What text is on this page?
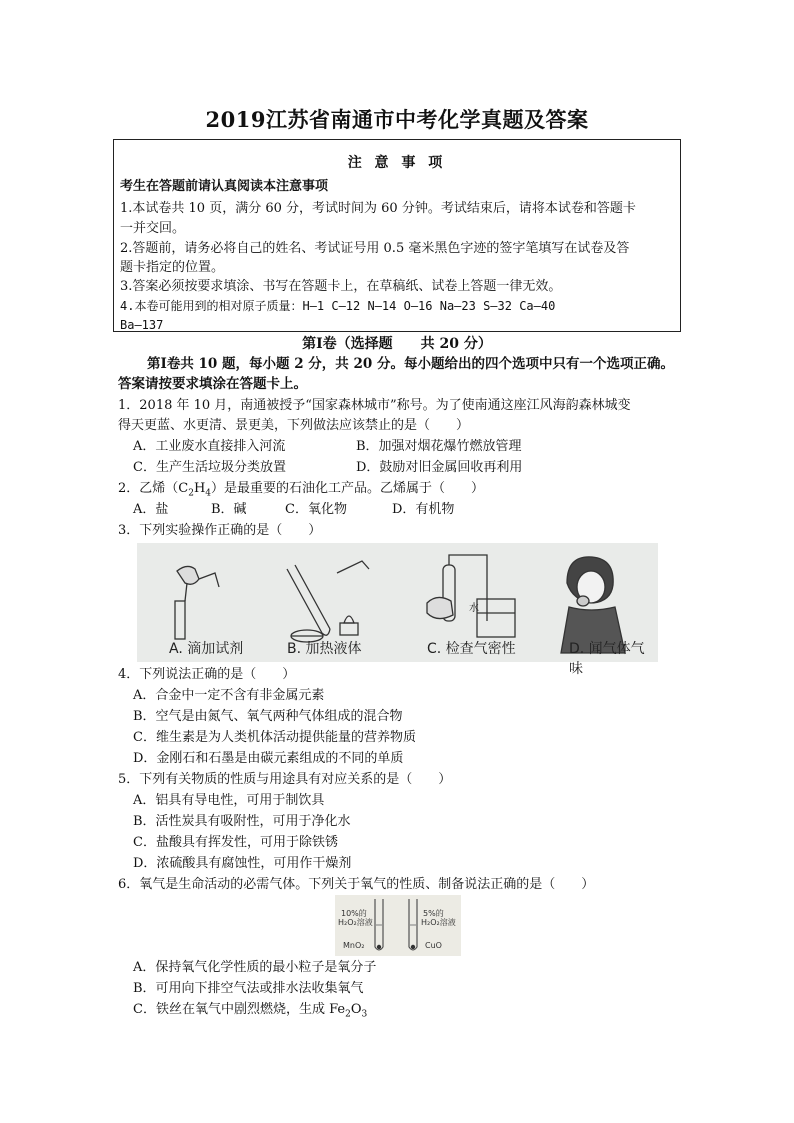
2019江苏省南通市中考化学真题及答案
注 意 事 项
考生在答题前请认真阅读本注意事项
1.本试卷共 10 页，满分 60 分，考试时间为 60 分钟。考试结束后，请将本试卷和答题卡
一并交回。
2.答题前，请务必将自己的姓名、考试证号用 0.5 毫米黑色字迹的签字笔填写在试卷及答
题卡指定的位置。
3.答案必须按要求填涂、书写在答题卡上，在草稿纸、试卷上答题一律无效。
4.本卷可能用到的相对原子质量：H—1 C—12 N—14 O—16 Na—23 S—32 Ca—40
Ba—137
第Ⅰ卷（选择题　　共 20 分）
第Ⅰ卷共 10 题，每小题 2 分，共 20 分。每小题给出的四个选项中只有一个选项正确。
答案请按要求填涂在答题卡上。
1．2018 年 10 月，南通被授予“国家森林城市”称号。为了使南通这座江风海韵森林城变
得天更蓝、水更清、景更美，下列做法应该禁止的是（　　）
A．工业废水直接排入河流	B．加强对烟花爆竹燃放管理
C．生产生活垃圾分类放置	D．鼓励对旧金属回收再利用
2．乙烯$(C_2H_4)$是最重要的石油化工产品。乙烯属于（　　）
A．盐	B．碱	C．氧化物	D．有机物
3．下列实验操作正确的是（　　）
A. 滴加试剂	B. 加热液体	C. 检查气密性	D. 闻气体气味
水
4．下列说法正确的是（　　）
A．合金中一定不含有非金属元素
B．空气是由氮气、氧气两种气体组成的混合物
C．维生素是为人类机体活动提供能量的营养物质
D．金刚石和石墨是由碳元素组成的不同的单质
5．下列有关物质的性质与用途具有对应关系的是（　　）
A．铝具有导电性，可用于制饮具
B．活性炭具有吸附性，可用于净化水
C．盐酸具有挥发性，可用于除铁锈
D．浓硫酸具有腐蚀性，可用作干燥剂
6．氧气是生命活动的必需气体。下列关于氧气的性质、制备说法正确的是（　　）
10%的
H₂O₂溶液
MnO₂
5%的
H₂O₂溶液
CuO
A．保持氧气化学性质的最小粒子是氧分子
B．可用向下排空气法或排水法收集氧气
C．铁丝在氧气中剧烈燃烧，生成 $Fe_2O_3$
